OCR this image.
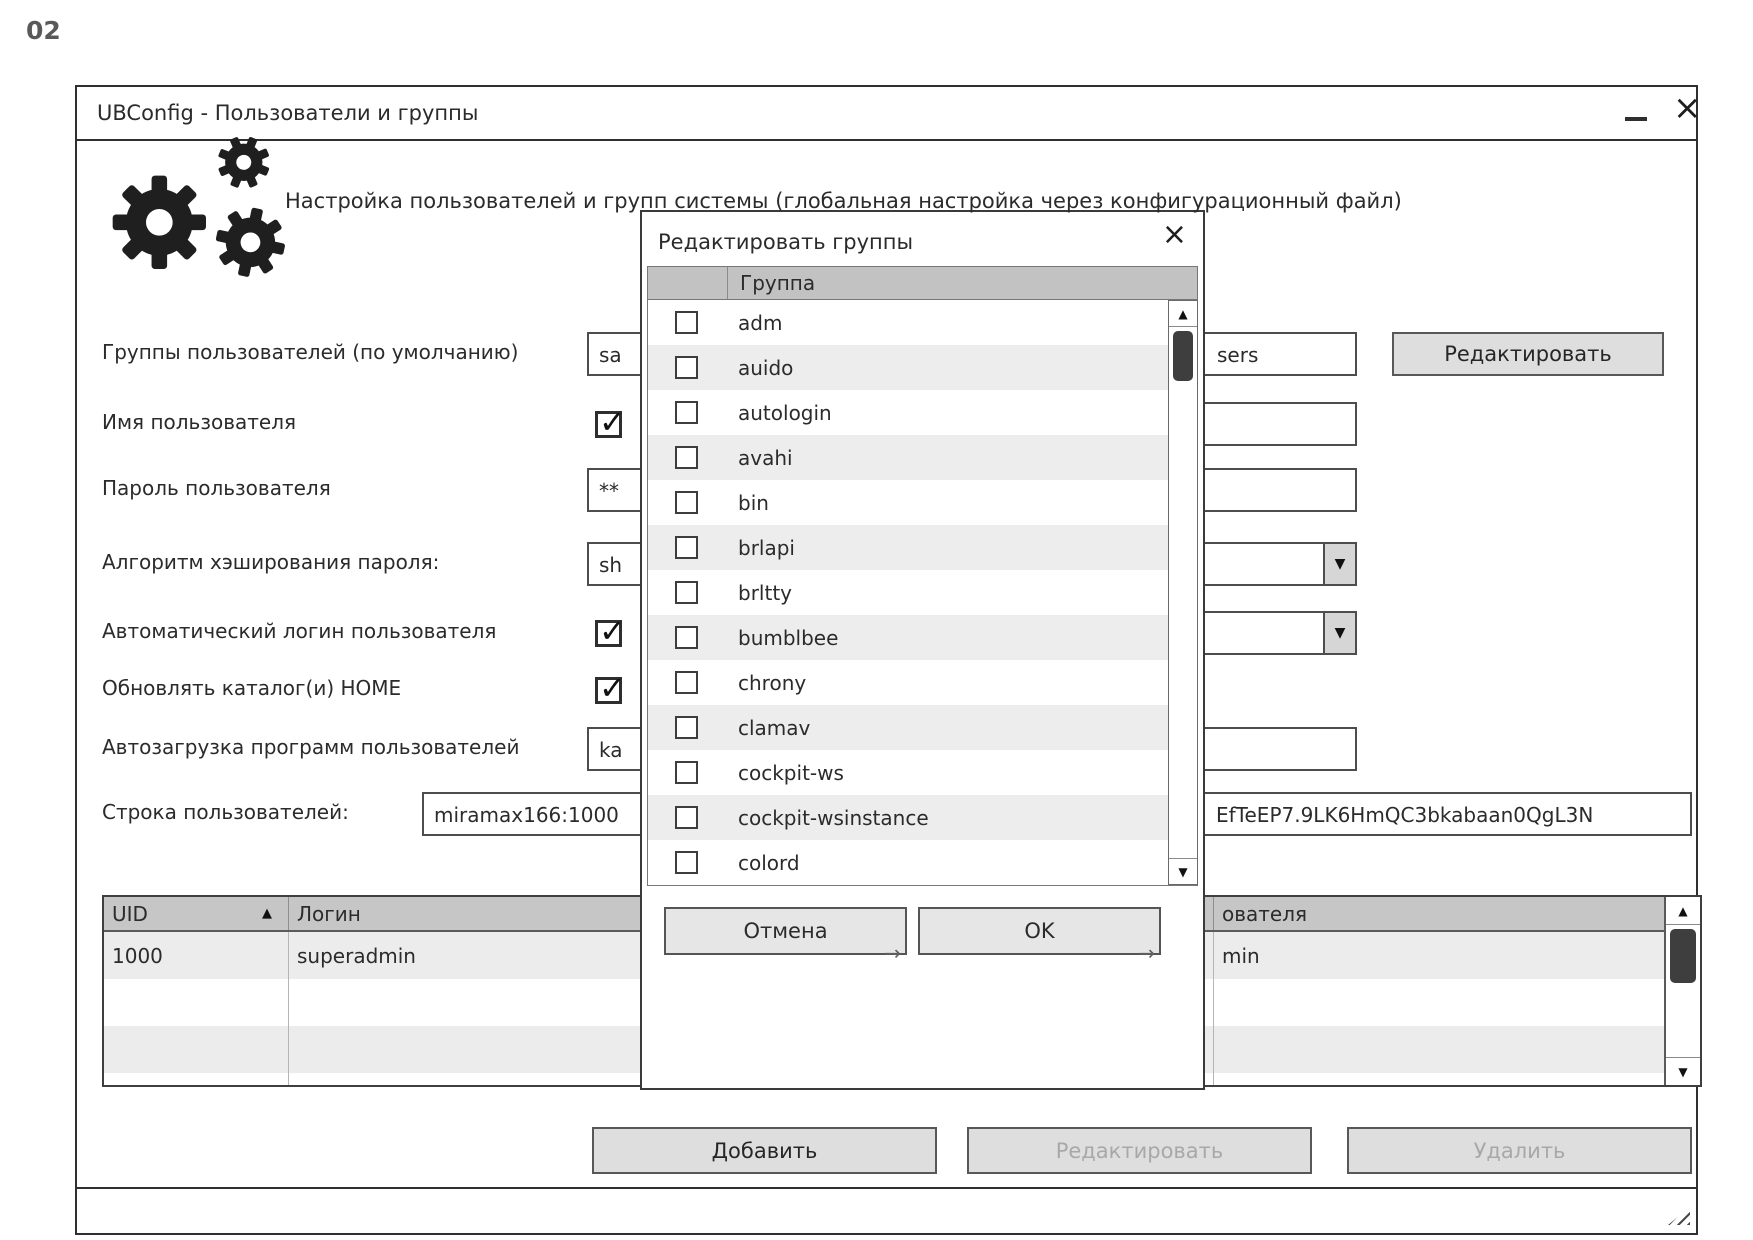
02
UBConfig - Пользователи и группы	×
Настройка пользователей и групп системы (глобальная настройка через конфигурационный файл)
Группы пользователей (по умолчанию)	sa	sers	Редактировать
Имя пользователя	✓
Пароль пользователя	**
Алгоритм хэширования пароля:	sh	▼
Автоматический логин пользователя	✓	▼
Обновлять каталог(и) HOME	✓
Автозагрузка программ пользователей	ka
Строка пользователей:	miramax166:1000	EfTeEP7.9LK6HmQC3bkabaan0QgL3N
UID	▲ Логин	ователя
1000	superadmin	min
▲
▼
Добавить	Редактировать	Удалить
Редактировать группы	×
Группа
adm
auido
autologin
avahi
bin
brlapi
brltty
bumblbee
chrony
clamav
cockpit-ws
cockpit-wsinstance
colord
▲
▼
Отмена
→
OK
→
